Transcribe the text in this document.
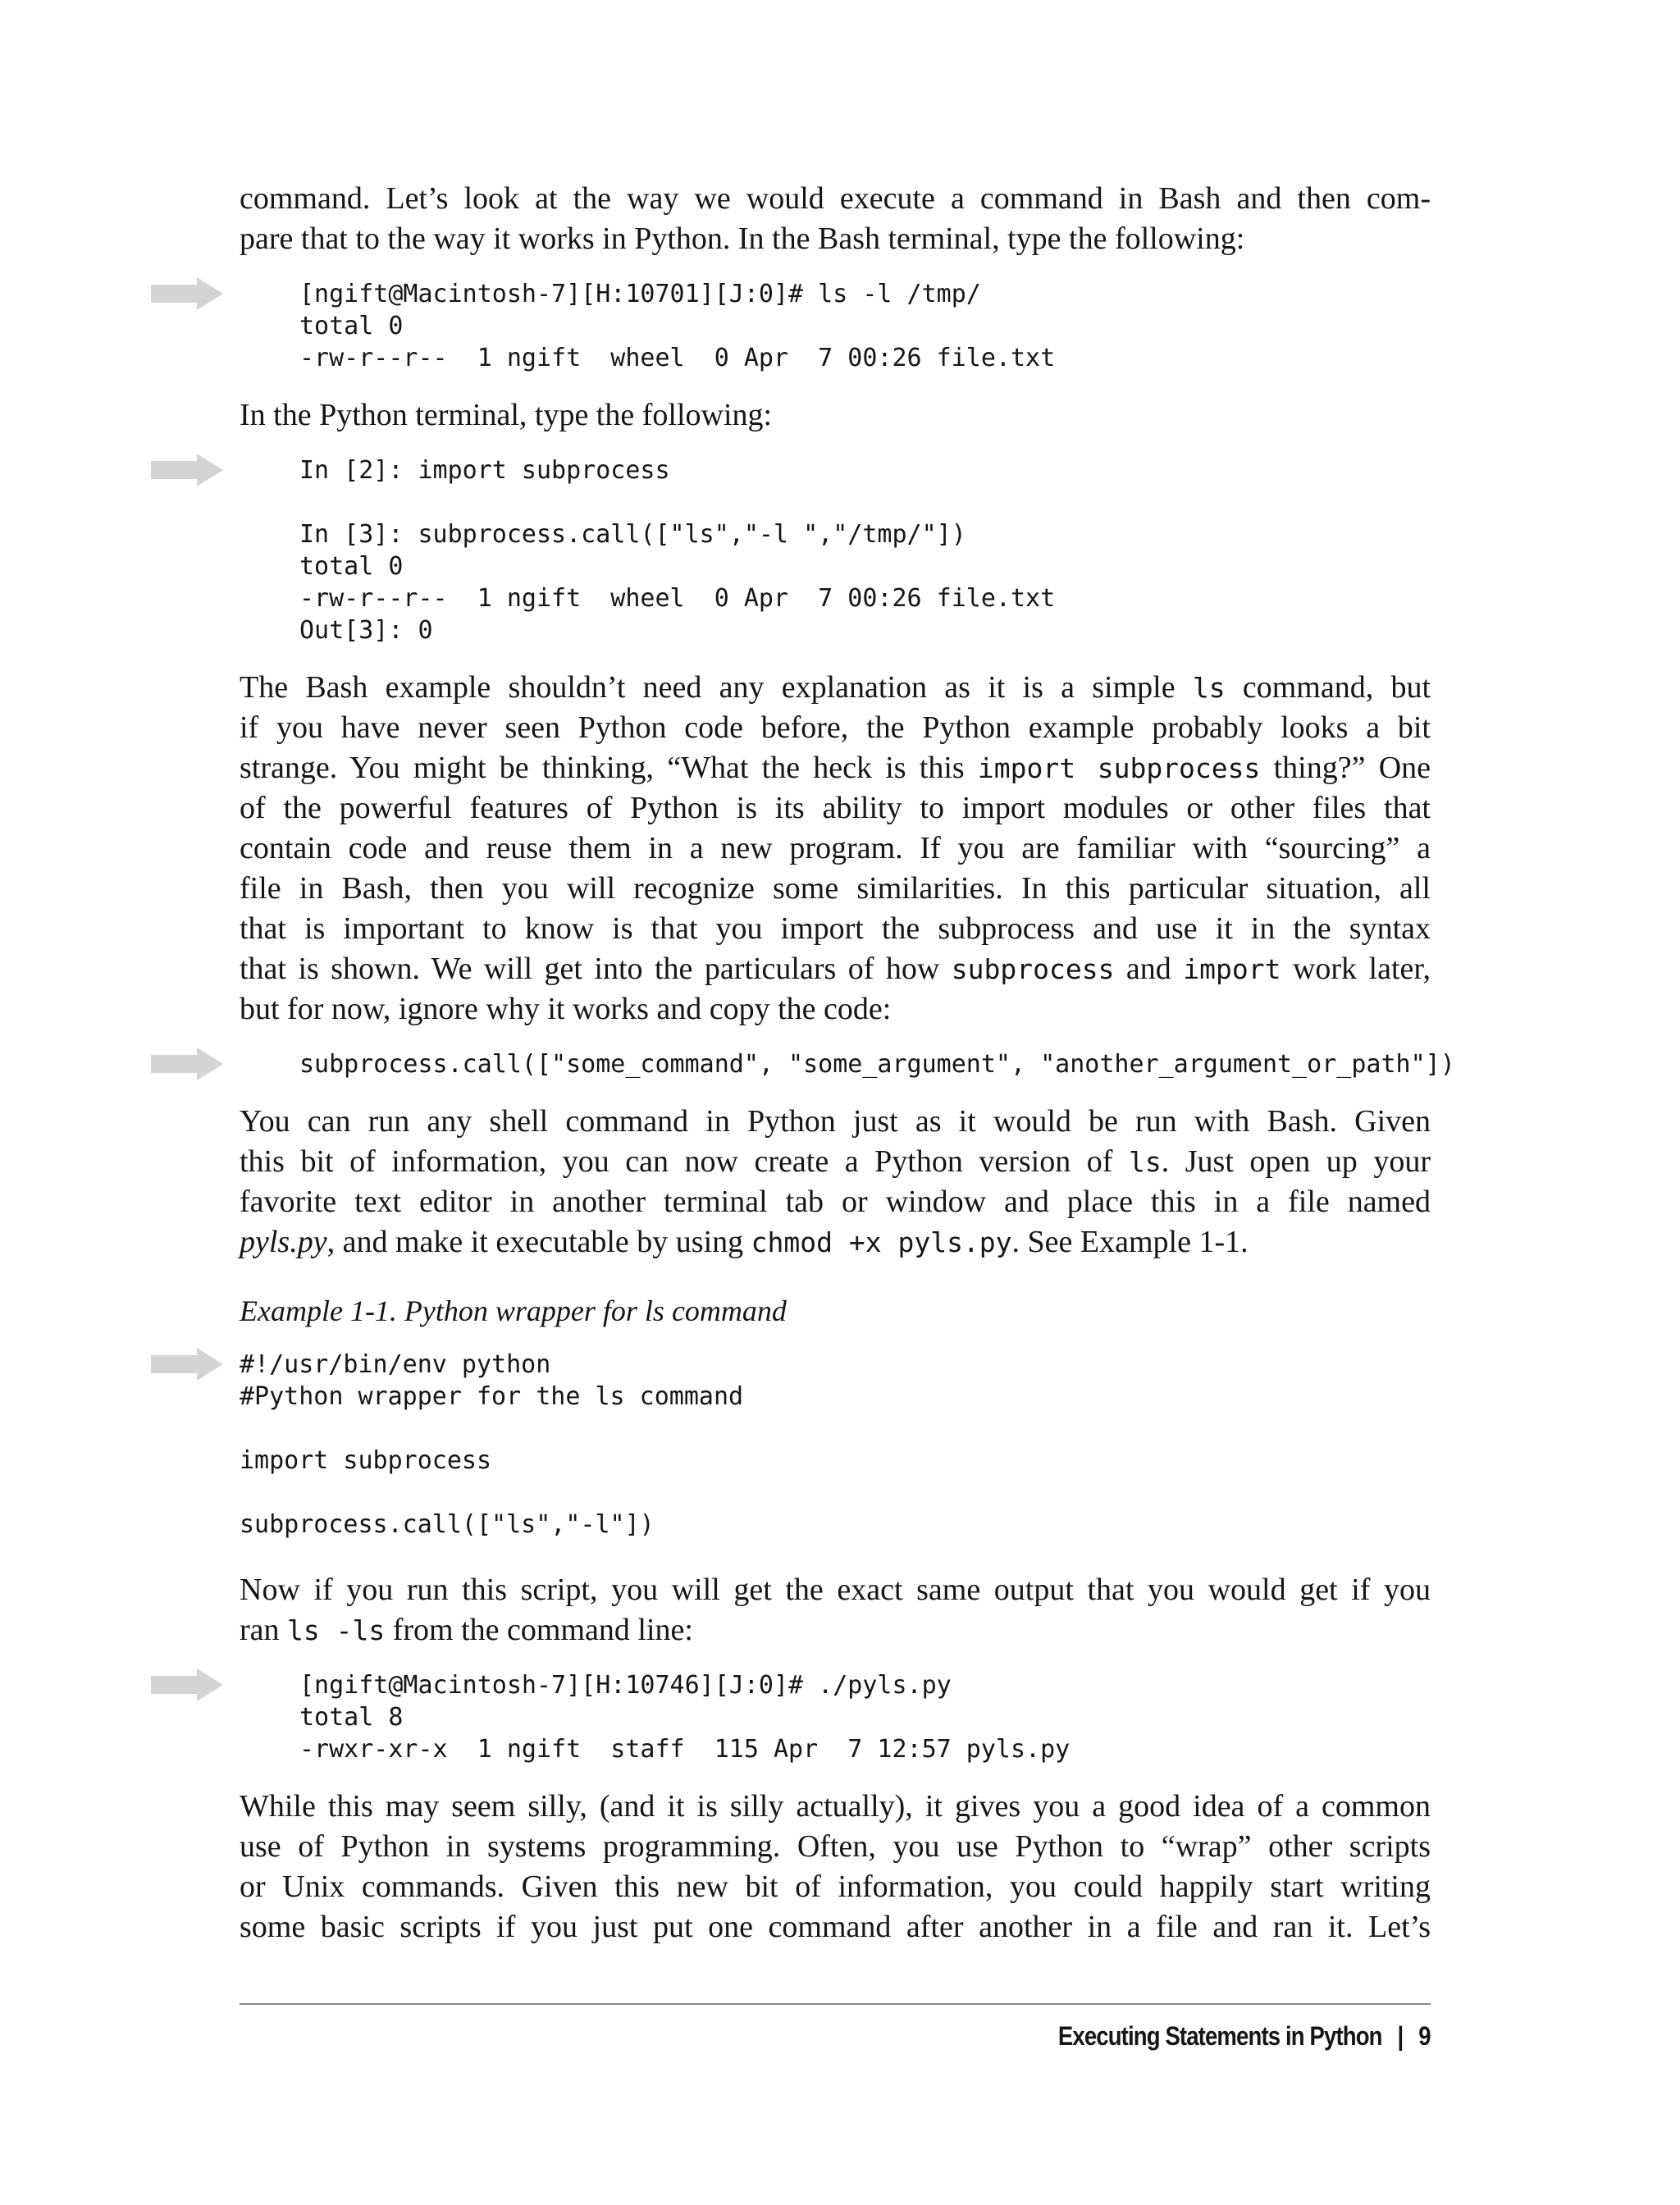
command. Let’s look at the way we would execute a command in Bash and then com-
pare that to the way it works in Python. In the Bash terminal, type the following:

[ngift@Macintosh-7][H:10701][J:0]# ls -l /tmp/
total 0
-rw-r--r--  1 ngift  wheel  0 Apr  7 00:26 file.txt

In the Python terminal, type the following:

In [2]: import subprocess
In [3]: subprocess.call(["ls","-l ","/tmp/"])
total 0
-rw-r--r--  1 ngift  wheel  0 Apr  7 00:26 file.txt
Out[3]: 0

The Bash example shouldn’t need any explanation as it is a simple ls command, but
if you have never seen Python code before, the Python example probably looks a bit
strange. You might be thinking, “What the heck is this import subprocess thing?” One
of the powerful features of Python is its ability to import modules or other files that
contain code and reuse them in a new program. If you are familiar with “sourcing” a
file in Bash, then you will recognize some similarities. In this particular situation, all
that is important to know is that you import the subprocess and use it in the syntax
that is shown. We will get into the particulars of how subprocess and import work later,
but for now, ignore why it works and copy the code:

subprocess.call(["some_command", "some_argument", "another_argument_or_path"])

You can run any shell command in Python just as it would be run with Bash. Given
this bit of information, you can now create a Python version of ls. Just open up your
favorite text editor in another terminal tab or window and place this in a file named
pyls.py, and make it executable by using chmod +x pyls.py. See Example 1-1.

Example 1-1. Python wrapper for ls command

#!/usr/bin/env python
#Python wrapper for the ls command
import subprocess
subprocess.call(["ls","-l"])

Now if you run this script, you will get the exact same output that you would get if you
ran ls -ls from the command line:

[ngift@Macintosh-7][H:10746][J:0]# ./pyls.py
total 8
-rwxr-xr-x  1 ngift  staff  115 Apr  7 12:57 pyls.py

While this may seem silly, (and it is silly actually), it gives you a good idea of a common
use of Python in systems programming. Often, you use Python to “wrap” other scripts
or Unix commands. Given this new bit of information, you could happily start writing
some basic scripts if you just put one command after another in a file and ran it. Let’s

Executing Statements in Python | 9
